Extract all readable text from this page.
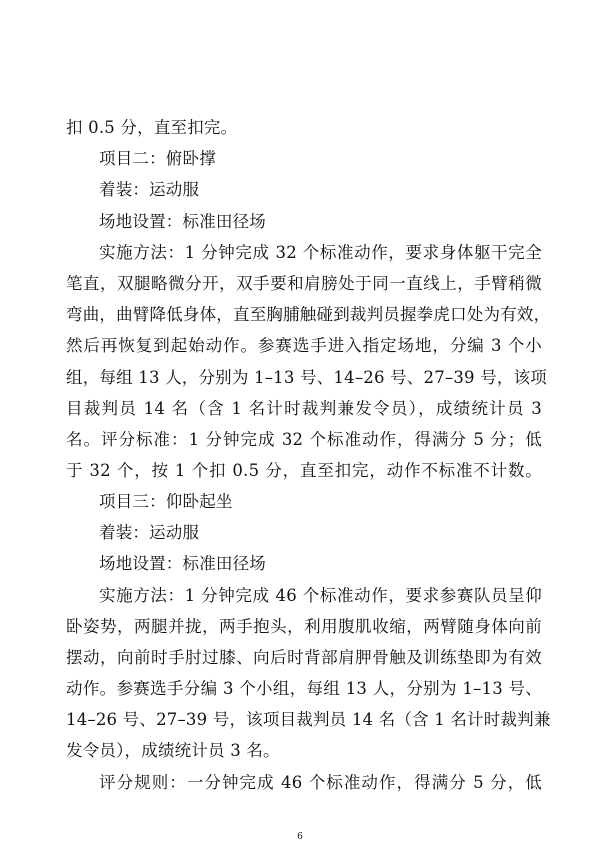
扣 0.5 分，直至扣完。
项目二：俯卧撑
着装：运动服
场地设置：标准田径场
实施方法：1 分钟完成 32 个标准动作，要求身体躯干完全
笔直，双腿略微分开，双手要和肩膀处于同一直线上，手臂稍微
弯曲，曲臂降低身体，直至胸脯触碰到裁判员握拳虎口处为有效，
然后再恢复到起始动作。参赛选手进入指定场地，分编 3 个小
组，每组 13 人，分别为 1–13 号、14–26 号、27–39 号，该项
目裁判员 14 名（含 1 名计时裁判兼发令员），成绩统计员 3
名。评分标准：1 分钟完成 32 个标准动作，得满分 5 分；低
于 32 个，按 1 个扣 0.5 分，直至扣完，动作不标准不计数。
项目三：仰卧起坐
着装：运动服
场地设置：标准田径场
实施方法：1 分钟完成 46 个标准动作，要求参赛队员呈仰
卧姿势，两腿并拢，两手抱头，利用腹肌收缩，两臂随身体向前
摆动，向前时手肘过膝、向后时背部肩胛骨触及训练垫即为有效
动作。参赛选手分编 3 个小组，每组 13 人，分别为 1–13 号、
14–26 号、27–39 号，该项目裁判员 14 名（含 1 名计时裁判兼
发令员），成绩统计员 3 名。
评分规则：一分钟完成 46 个标准动作，得满分 5 分，低
6
